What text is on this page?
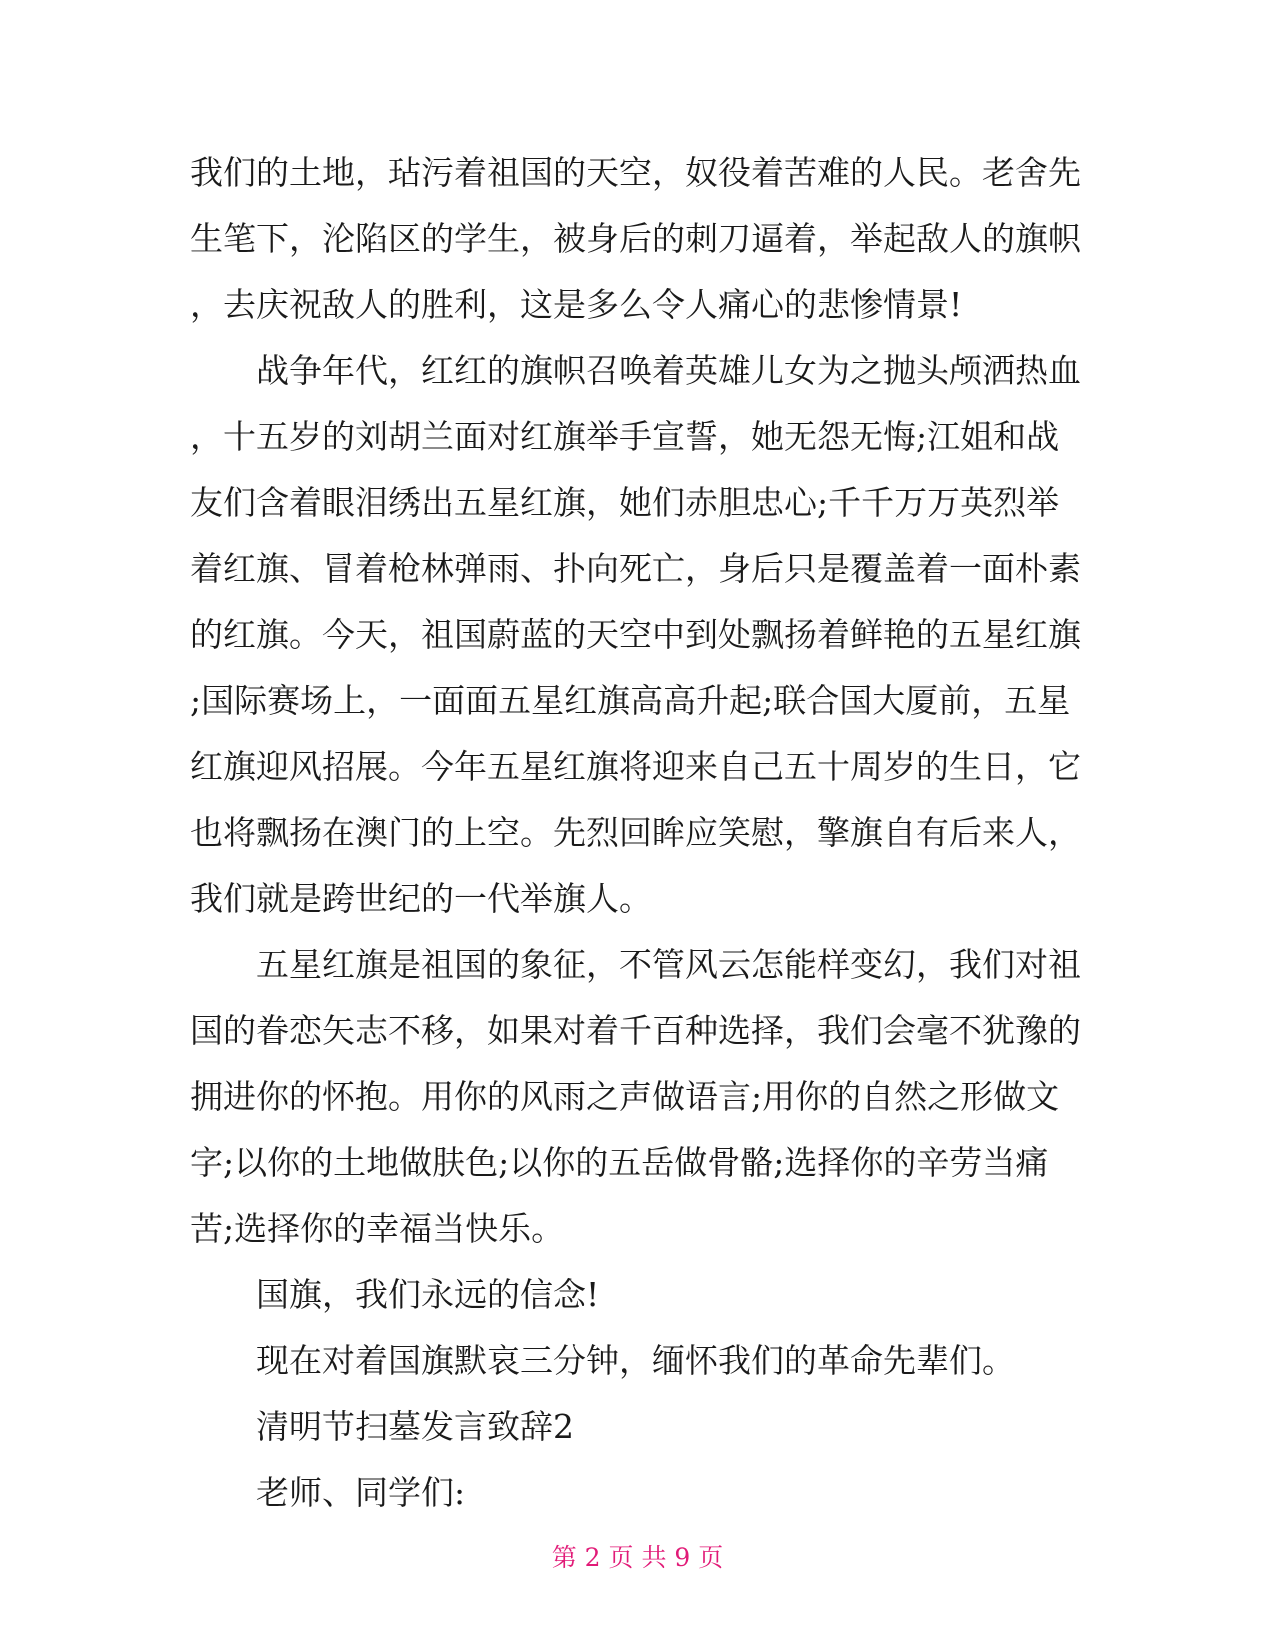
我们的土地，玷污着祖国的天空，奴役着苦难的人民。老舍先
生笔下，沦陷区的学生，被身后的刺刀逼着，举起敌人的旗帜
，去庆祝敌人的胜利，这是多么令人痛心的悲惨情景!
　　战争年代，红红的旗帜召唤着英雄儿女为之抛头颅洒热血
，十五岁的刘胡兰面对红旗举手宣誓，她无怨无悔;江姐和战
友们含着眼泪绣出五星红旗，她们赤胆忠心;千千万万英烈举
着红旗、冒着枪林弹雨、扑向死亡，身后只是覆盖着一面朴素
的红旗。今天，祖国蔚蓝的天空中到处飘扬着鲜艳的五星红旗
;国际赛场上，一面面五星红旗高高升起;联合国大厦前，五星
红旗迎风招展。今年五星红旗将迎来自己五十周岁的生日，它
也将飘扬在澳门的上空。先烈回眸应笑慰，擎旗自有后来人，
我们就是跨世纪的一代举旗人。
　　五星红旗是祖国的象征，不管风云怎能样变幻，我们对祖
国的眷恋矢志不移，如果对着千百种选择，我们会毫不犹豫的
拥进你的怀抱。用你的风雨之声做语言;用你的自然之形做文
字;以你的土地做肤色;以你的五岳做骨骼;选择你的辛劳当痛
苦;选择你的幸福当快乐。
　　国旗，我们永远的信念!
　　现在对着国旗默哀三分钟，缅怀我们的革命先辈们。
　　清明节扫墓发言致辞2
　　老师、同学们:
第 2 页 共 9 页
